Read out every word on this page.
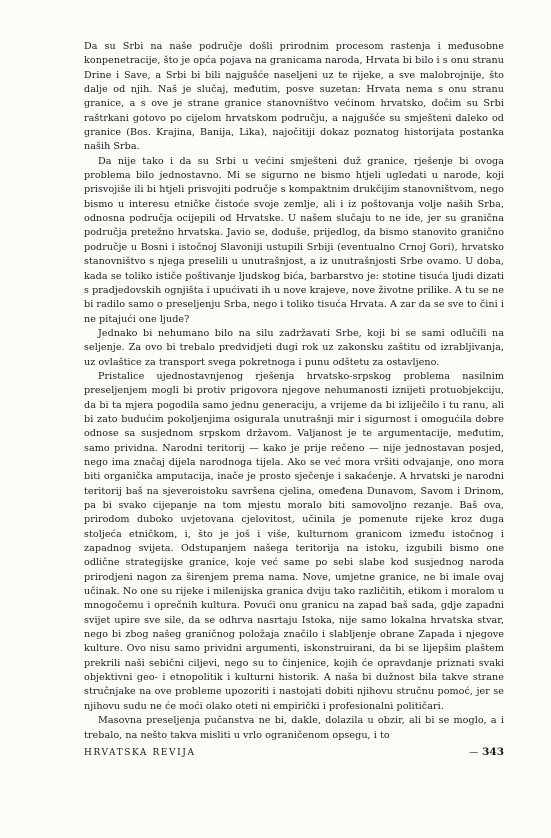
Da su Srbi na naše područje došli prirodnim procesom rastenja i međusobne konpenetracije, što je opća pojava na granicama naroda, Hrvata bi bilo i s onu stranu Drine i Save, a Srbi bi bili najgušće naseljeni uz te rijeke, a sve malobrojnije, što dalje od njih. Naš je slučaj, međutim, posve suzetan: Hrvata nema s onu stranu granice, a s ove je strane granice stanovništvo većinom hrvatsko, dočim su Srbi raštrkani gotovo po cijelom hrvatskom području, a najgušće su smješteni daleko od granice (Bos. Krajina, Banija, Lika), najočitiji dokaz poznatog historijata postanka naših Srba.

Da nije tako i da su Srbi u većini smješteni duž granice, rješenje bi ovoga problema bilo jednostavno. Mi se sigurno ne bismo htjeli ugledati u narode, koji prisvojiše ili bi htjeli prisvojiti područje s kompaktnim drukčijim stanovništvom, nego bismo u interesu etničke čistoće svoje zemlje, ali i iz poštovanja volje naših Srba, odnosna područja ocijepili od Hrvatske. U našem slučaju to ne ide, jer su granična područja pretežno hrvatska. Javio se, doduše, prijedlog, da bismo stanovito granično područje u Bosni i istočnoj Slavoniji ustupili Srbiji (eventualno Crnoj Gori), hrvatsko stanovništvo s njega preselili u unutrašnjost, a iz unutrašnjosti Srbe ovamo. U doba, kada se toliko ističe poštivanje ljudskog bića, barbarstvo je: stotine tisuća ljudi dizati s pradjedovskih ognjišta i upućivati ih u nove krajeve, nove životne prilike. A tu se ne bi radilo samo o preseljenju Srba, nego i toliko tisuća Hrvata. A zar da se sve to čini i ne pitajući one ljude?

Jednako bi nehumano bilo na silu zadržavati Srbe, koji bi se sami odlučili na seljenje. Za ovo bi trebalo predvidjeti dugi rok uz zakonsku zaštitu od izrabljivanja, uz ovlaštice za transport svega pokretnoga i punu odštetu za ostavljeno.

Pristalice ujednostavnjenog rješenja hrvatsko-srpskog problema nasilnim preseljenjem mogli bi protiv prigovora njegove nehumanosti iznijeti protuobjekciju, da bi ta mjera pogodila samo jednu generaciju, a vrijeme da bi izliječilo i tu ranu, ali bi zato budućim pokoljenjima osigurala unutrašnji mir i sigurnost i omogućila dobre odnose sa susjednom srpskom državom. Valjanost je te argumentacije, međutim, samo prividna. Narodni teritorij — kako je prije rečeno — nije jednostavan posjed, nego ima značaj dijela narodnoga tijela. Ako se već mora vršiti odvajanje, ono mora biti organička amputacija, inače je prosto sječenje i sakaćenje. A hrvatski je narodni teritorij baš na sjeveroistoku savršena cjelina, omeđena Dunavom, Savom i Drinom, pa bi svako cijepanje na tom mjestu moralo biti samovoljno rezanje. Baš ova, prirodom duboko uvjetovana cjelovitost, učinila je pomenute rijeke kroz duga stoljeća etničkom, i, što je još i više, kulturnom granicom između istočnog i zapadnog svijeta. Odstupanjem našega teritorija na istoku, izgubili bismo one odlične strategijske granice, koje već same po sebi slabe kod susjednog naroda prirodjeni nagon za širenjem prema nama. Nove, umjetne granice, ne bi imale ovaj učinak. No one su rijeke i milenijska granica dviju tako različitih, etikom i moralom u mnogočemu i oprečnih kultura. Povući onu granicu na zapad baš sada, gdje zapadni svijet upire sve sile, da se odhrva nasrtaju Istoka, nije samo lokalna hrvatska stvar, nego bi zbog našeg graničnog položaja značilo i slabljenje obrane Zapada i njegove kulture. Ovo nisu samo prividni argumenti, iskonstruirani, da bi se lijepšim plaštem prekrili naši sebični ciljevi, nego su to činjenice, kojih će opravdanje priznati svaki objektivni geo- i etnopolitik i kulturni historik. A naša bi dužnost bila takve strane stručnjake na ove probleme upozoriti i nastojati dobiti njihovu stručnu pomoć, jer se njihovu sudu ne će moći olako oteti ni empirički i profesionalni političari.

Masovna preseljenja pučanstva ne bi, dakle, dolazila u obzir, ali bi se moglo, a i trebalo, na nešto takva misliti u vrlo ograničenom opsegu, i to

HRVATSKA REVIJA	— 343
